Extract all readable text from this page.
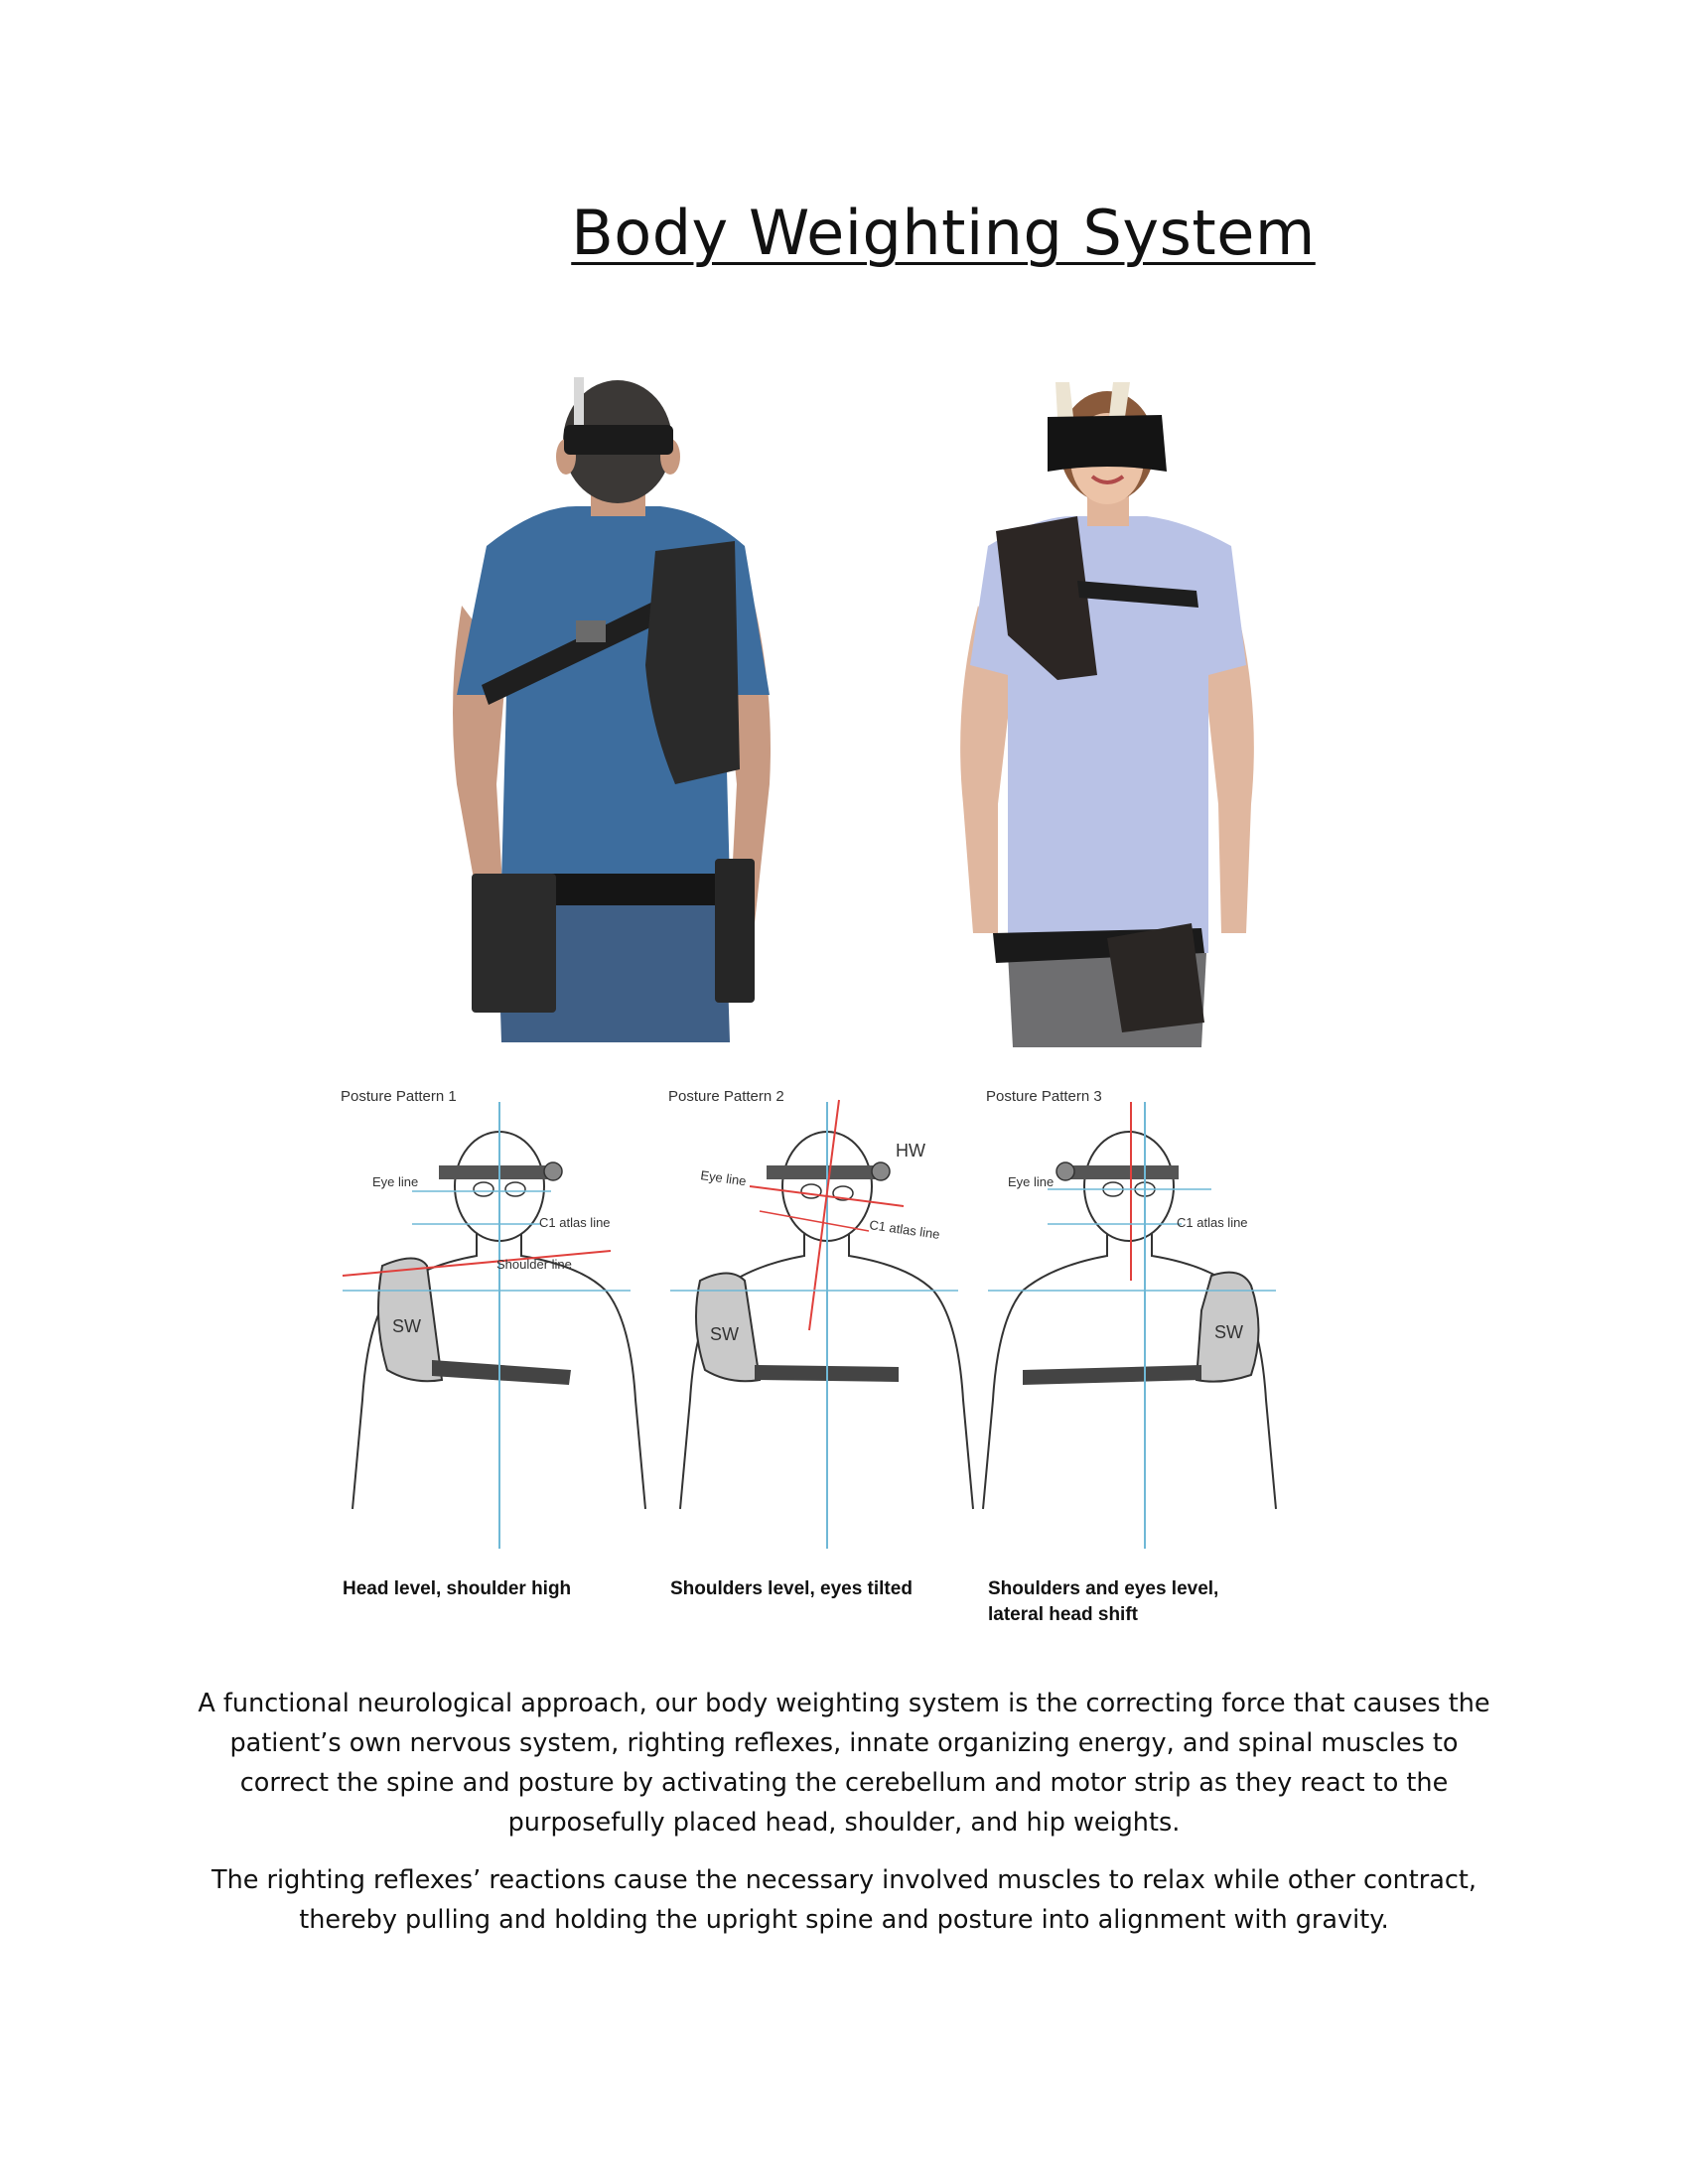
Body Weighting System
Posture Pattern 1
SW
Eye line
C1 atlas line
Shoulder line
Head level, shoulder high
Posture Pattern 2
HW
SW
Eye line
C1 atlas line
Shoulders level, eyes tilted
Posture Pattern 3
SW
Eye line
C1 atlas line
Shoulders and eyes level,
lateral head shift

A functional neurological approach, our body weighting system is the correcting force that causes the patient’s own nervous system, righting reflexes, innate organizing energy, and spinal muscles to correct the spine and posture by activating the cerebellum and motor strip as they react to the purposefully placed head, shoulder, and hip weights.

The righting reflexes’ reactions cause the necessary involved muscles to relax while other contract, thereby pulling and holding the upright spine and posture into alignment with gravity.
